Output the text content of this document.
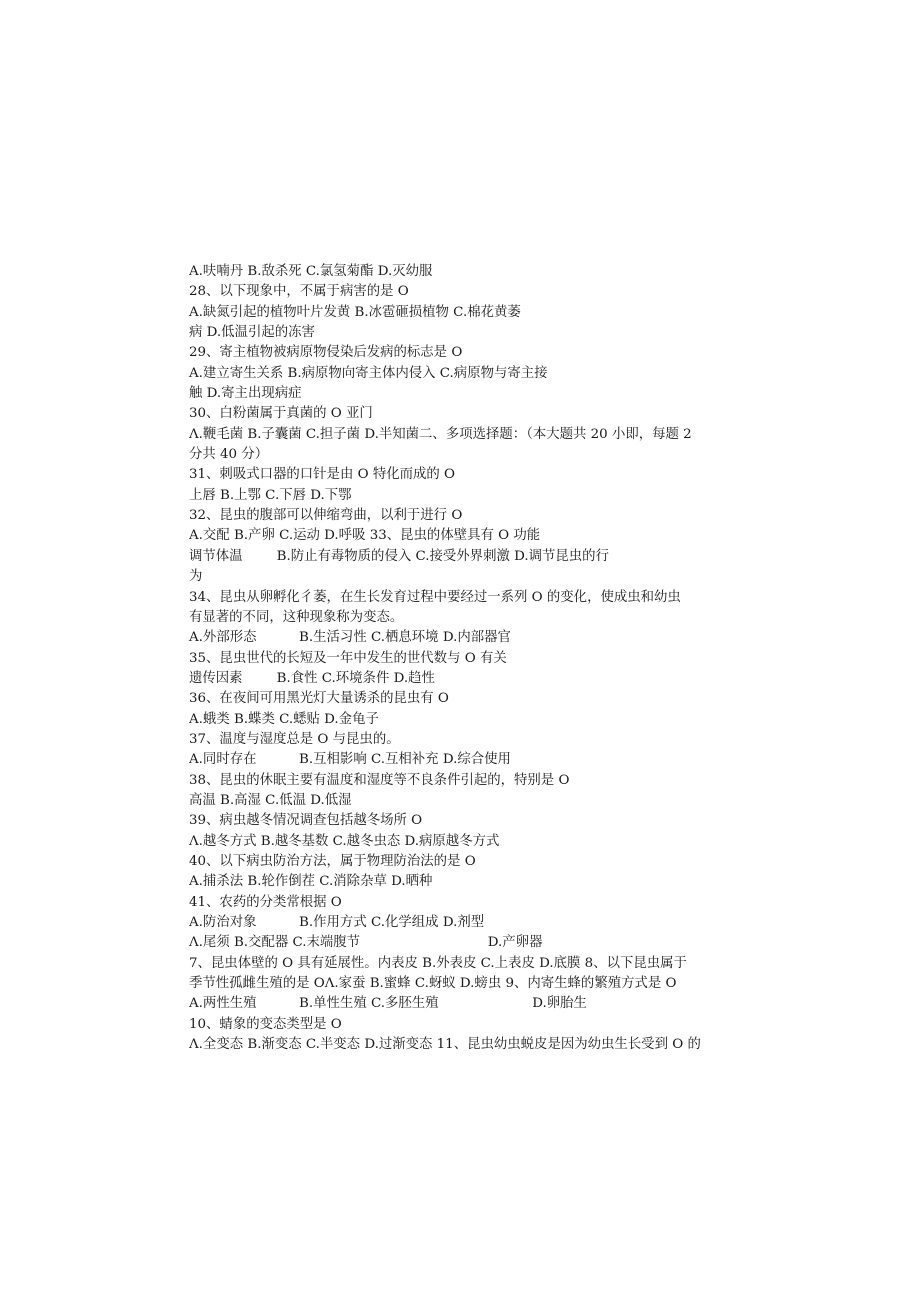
A.呋喃丹 B.敌杀死 C.氯氢菊酯 D.灭幼服
28、以下现象中，不属于病害的是 O
A.缺氮引起的植物叶片发黄 B.冰雹砸损植物 C.棉花黄萎
病 D.低温引起的冻害
29、寄主植物被病原物侵染后发病的标志是 O
A.建立寄生关系 B.病原物向寄主体内侵入 C.病原物与寄主接
触 D.寄主出现病症
30、白粉菌属于真菌的 O 亚门
Λ.鞭毛菌 B.子囊菌 C.担子菌 D.半知菌二、多项选择题：（本大题共 20 小即，每题 2
分共 40 分）
31、刺吸式口器的口针是由 O 特化而成的 O
上唇 B.上鄂 C.下唇 D.下鄂
32、昆虫的腹部可以伸缩弯曲，以利于进行 O
A.交配 B.产卵 C.运动 D.呼吸 33、昆虫的体壁具有 O 功能
调节体温        B.防止有毒物质的侵入 C.接受外界刺激 D.调节昆虫的行
为
34、昆虫从卵孵化彳萎，在生长发育过程中要经过一系列 O 的变化，使成虫和幼虫
有显著的不同，这种现象称为变态。
A.外部形态          B.生活习性 C.栖息环境 D.内部器官
35、昆虫世代的长短及一年中发生的世代数与 O 有关
遗传因素        B.食性 C.环境条件 D.趋性
36、在夜间可用黑光灯大量诱杀的昆虫有 O
A.蛾类 B.蝶类 C.蟋贴 D.金龟子
37、温度与湿度总是 O 与昆虫的。
A.同时存在          B.互相影响 C.互相补充 D.综合使用
38、昆虫的休眠主要有温度和湿度等不良条件引起的，特别是 O
高温 B.高湿 C.低温 D.低湿
39、病虫越冬情况调查包括越冬场所 O
Λ.越冬方式 B.越冬基数 C.越冬虫态 D.病原越冬方式
40、以下病虫防治方法，属于物理防治法的是 O
A.捕杀法 B.轮作倒茬 C.消除杂草 D.晒种
41、农药的分类常根据 O
A.防治对象          B.作用方式 C.化学组成 D.剂型
Λ.尾须 B.交配器 C.末端腹节                              D.产卵器
7、昆虫体壁的 O 具有延展性。内表皮 B.外表皮 C.上表皮 D.底膜 8、以下昆虫属于
季节性孤雌生殖的是 OΛ.家蚕 B.蜜蜂 C.蚜蚁 D.螃虫 9、内寄生蜂的繁殖方式是 O
A.两性生殖          B.单性生殖 C.多胚生殖                      D.卵胎生
10、蜻象的变态类型是 O
Λ.全变态 B.渐变态 C.半变态 D.过渐变态 11、昆虫幼虫蜕皮是因为幼虫生长受到 O 的
